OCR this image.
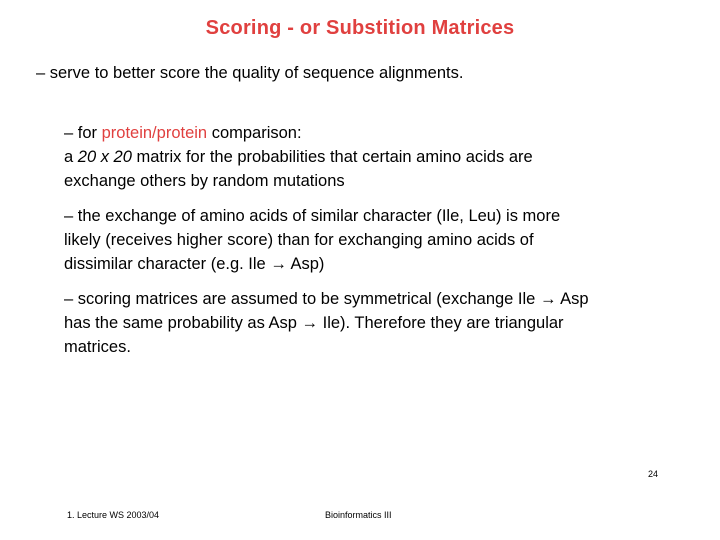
Scoring - or Substition Matrices
– serve to better score the quality of sequence alignments.
– for protein/protein comparison:
a 20 x 20 matrix for the probabilities that certain amino acids are
exchange others by random mutations
– the exchange of amino acids of similar character (Ile, Leu) is more
likely (receives higher score) than for exchanging amino acids of
dissimilar character (e.g. Ile → Asp)
– scoring matrices are assumed to be symmetrical (exchange Ile → Asp
has the same probability as Asp → Ile). Therefore they are triangular
matrices.
24
1. Lecture WS 2003/04	Bioinformatics III
